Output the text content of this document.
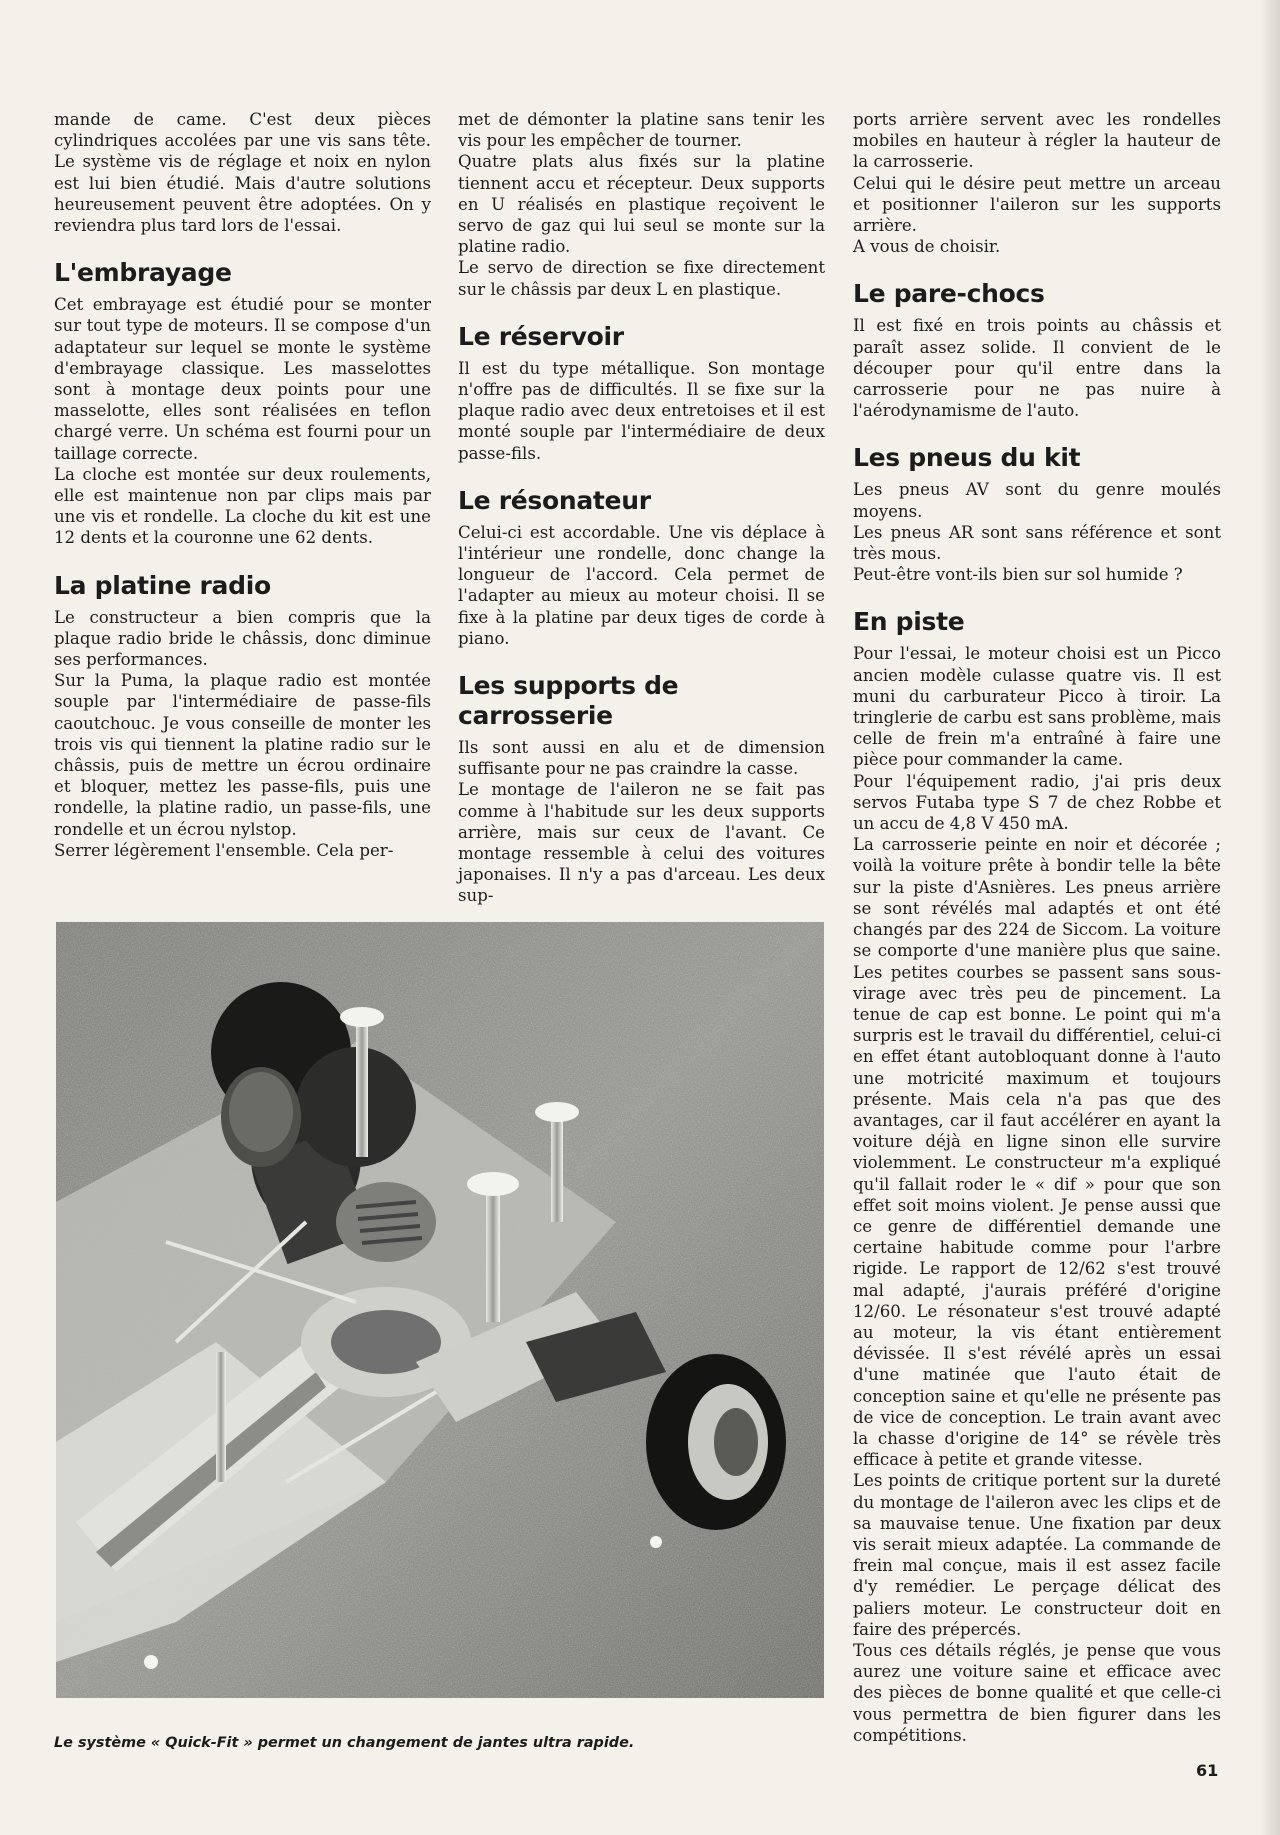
mande de came. C'est deux pièces cylindriques accolées par une vis sans tête. Le système vis de réglage et noix en nylon est lui bien étudié. Mais d'autre solutions heureusement peuvent être adoptées. On y reviendra plus tard lors de l'essai.

L'embrayage

Cet embrayage est étudié pour se monter sur tout type de moteurs. Il se compose d'un adaptateur sur lequel se monte le système d'embrayage classique. Les masselottes sont à montage deux points pour une masselotte, elles sont réalisées en teflon chargé verre. Un schéma est fourni pour un taillage correcte.

La cloche est montée sur deux roulements, elle est maintenue non par clips mais par une vis et rondelle. La cloche du kit est une 12 dents et la couronne une 62 dents.

La platine radio

Le constructeur a bien compris que la plaque radio bride le châssis, donc diminue ses performances.

Sur la Puma, la plaque radio est montée souple par l'intermédiaire de passe-fils caoutchouc. Je vous conseille de monter les trois vis qui tiennent la platine radio sur le châssis, puis de mettre un écrou ordinaire et bloquer, mettez les passe-fils, puis une rondelle, la platine radio, un passe-fils, une rondelle et un écrou nylstop.

Serrer légèrement l'ensemble. Cela per-

met de démonter la platine sans tenir les vis pour les empêcher de tourner.

Quatre plats alus fixés sur la platine tiennent accu et récepteur. Deux supports en U réalisés en plastique reçoivent le servo de gaz qui lui seul se monte sur la platine radio.

Le servo de direction se fixe directement sur le châssis par deux L en plastique.

Le réservoir

Il est du type métallique. Son montage n'offre pas de difficultés. Il se fixe sur la plaque radio avec deux entretoises et il est monté souple par l'intermédiaire de deux passe-fils.

Le résonateur

Celui-ci est accordable. Une vis déplace à l'intérieur une rondelle, donc change la longueur de l'accord. Cela permet de l'adapter au mieux au moteur choisi. Il se fixe à la platine par deux tiges de corde à piano.

Les supports de carrosserie

Ils sont aussi en alu et de dimension suffisante pour ne pas craindre la casse.

Le montage de l'aileron ne se fait pas comme à l'habitude sur les deux supports arrière, mais sur ceux de l'avant. Ce montage ressemble à celui des voitures japonaises. Il n'y a pas d'arceau. Les deux sup-

ports arrière servent avec les rondelles mobiles en hauteur à régler la hauteur de la carrosserie.

Celui qui le désire peut mettre un arceau et positionner l'aileron sur les supports arrière.

A vous de choisir.

Le pare-chocs

Il est fixé en trois points au châssis et paraît assez solide. Il convient de le découper pour qu'il entre dans la carrosserie pour ne pas nuire à l'aérodynamisme de l'auto.

Les pneus du kit

Les pneus AV sont du genre moulés moyens.

Les pneus AR sont sans référence et sont très mous.

Peut-être vont-ils bien sur sol humide ?

En piste

Pour l'essai, le moteur choisi est un Picco ancien modèle culasse quatre vis. Il est muni du carburateur Picco à tiroir. La tringlerie de carbu est sans problème, mais celle de frein m'a entraîné à faire une pièce pour commander la came.

Pour l'équipement radio, j'ai pris deux servos Futaba type S 7 de chez Robbe et un accu de 4,8 V 450 mA.

La carrosserie peinte en noir et décorée ; voilà la voiture prête à bondir telle la bête sur la piste d'Asnières. Les pneus arrière se sont révélés mal adaptés et ont été changés par des 224 de Siccom. La voiture se comporte d'une manière plus que saine. Les petites courbes se passent sans sous-virage avec très peu de pincement. La tenue de cap est bonne. Le point qui m'a surpris est le travail du différentiel, celui-ci en effet étant autobloquant donne à l'auto une motricité maximum et toujours présente. Mais cela n'a pas que des avantages, car il faut accélérer en ayant la voiture déjà en ligne sinon elle survire violemment. Le constructeur m'a expliqué qu'il fallait roder le « dif » pour que son effet soit moins violent. Je pense aussi que ce genre de différentiel demande une certaine habitude comme pour l'arbre rigide. Le rapport de 12/62 s'est trouvé mal adapté, j'aurais préféré d'origine 12/60. Le résonateur s'est trouvé adapté au moteur, la vis étant entièrement dévissée. Il s'est révélé après un essai d'une matinée que l'auto était de conception saine et qu'elle ne présente pas de vice de conception. Le train avant avec la chasse d'origine de 14° se révèle très efficace à petite et grande vitesse.

Les points de critique portent sur la dureté du montage de l'aileron avec les clips et de sa mauvaise tenue. Une fixation par deux vis serait mieux adaptée. La commande de frein mal conçue, mais il est assez facile d'y remédier. Le perçage délicat des paliers moteur. Le constructeur doit en faire des prépercés.

Tous ces détails réglés, je pense que vous aurez une voiture saine et efficace avec des pièces de bonne qualité et que celle-ci vous permettra de bien figurer dans les compétitions.

Le système « Quick-Fit » permet un changement de jantes ultra rapide.
61
